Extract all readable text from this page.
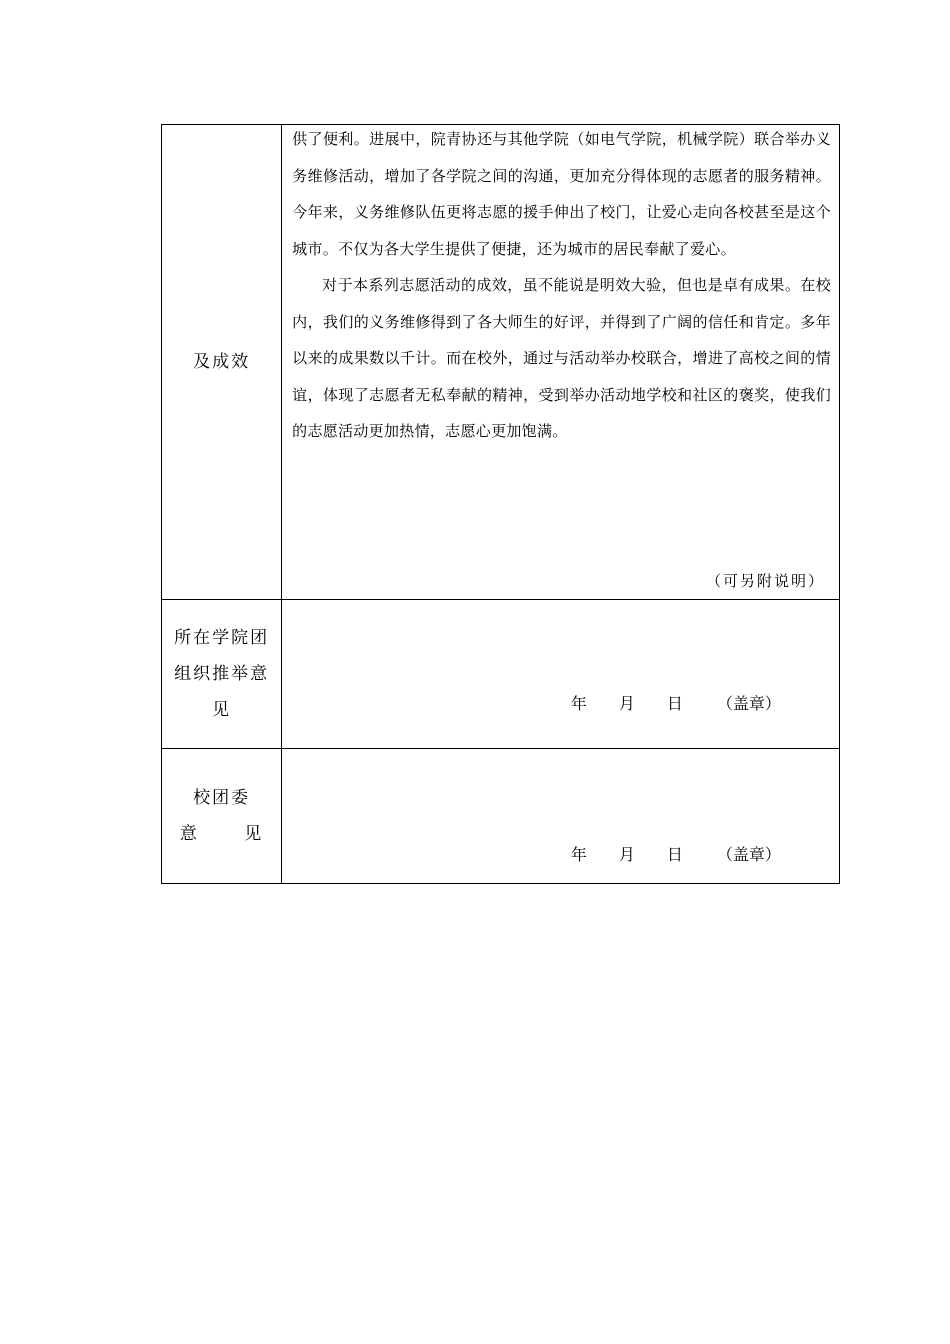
及成效	供了便利。进展中，院青协还与其他学院（如电气学院，机械学院）联合举办义务维修活动，增加了各学院之间的沟通，更加充分得体现的志愿者的服务精神。今年来，义务维修队伍更将志愿的援手伸出了校门，让爱心走向各校甚至是这个城市。不仅为各大学生提供了便捷，还为城市的居民奉献了爱心。

对于本系列志愿活动的成效，虽不能说是明效大验，但也是卓有成果。在校内，我们的义务维修得到了各大师生的好评，并得到了广阔的信任和肯定。多年以来的成果数以千计。而在校外，通过与活动举办校联合，增进了高校之间的情谊，体现了志愿者无私奉献的精神，受到举办活动地学校和社区的褒奖，使我们的志愿活动更加热情，志愿心更加饱满。

（可另附说明）

所在学院团
组织推举意
见	年 月 日 （盖章）

校团委
意 见	年 月 日 （盖章）
